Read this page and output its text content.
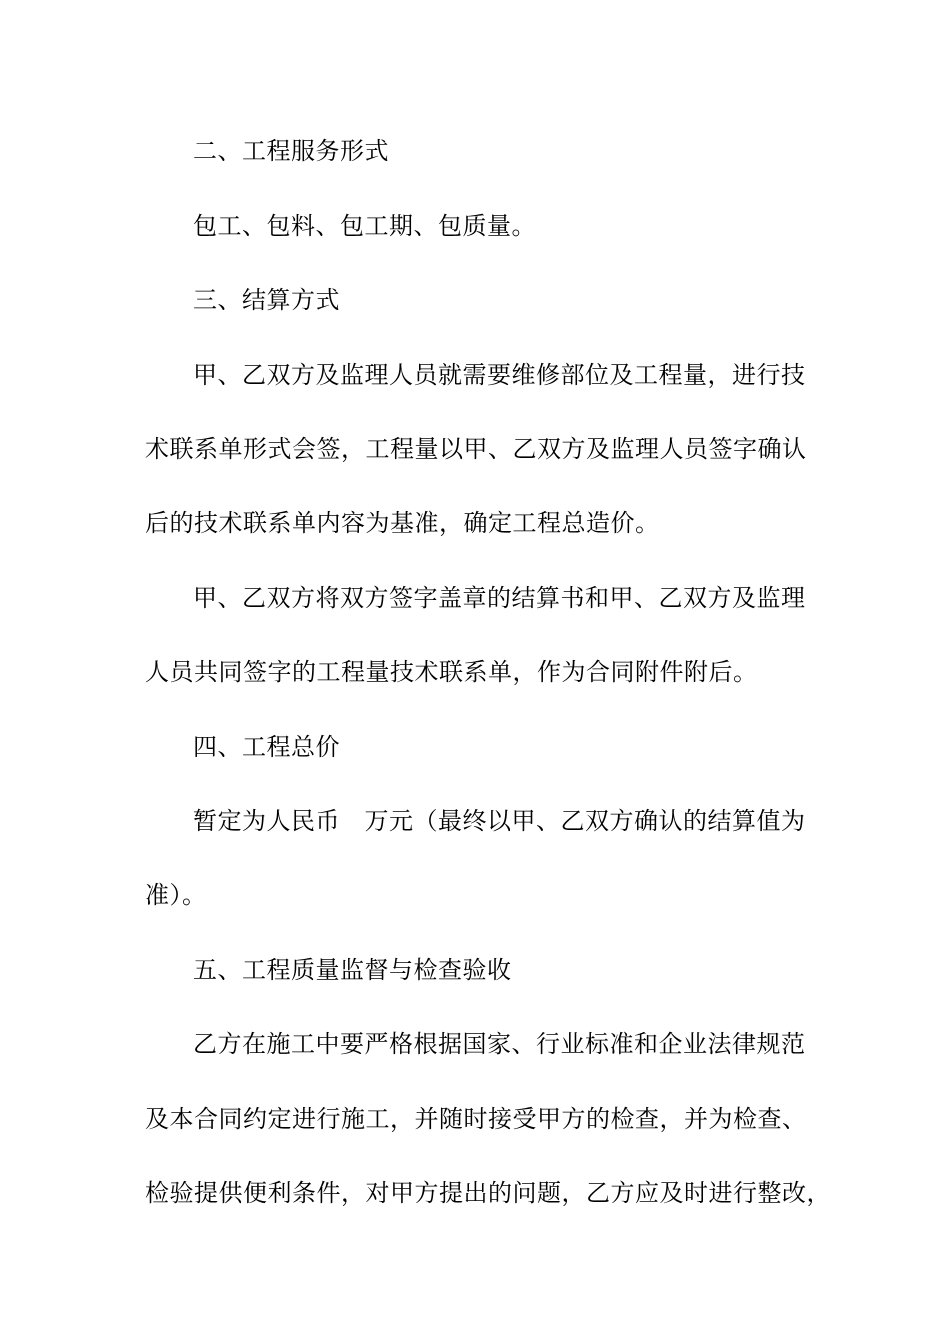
二、工程服务形式
包工、包料、包工期、包质量。
三、结算方式
甲、乙双方及监理人员就需要维修部位及工程量，进行技
术联系单形式会签，工程量以甲、乙双方及监理人员签字确认
后的技术联系单内容为基准，确定工程总造价。
甲、乙双方将双方签字盖章的结算书和甲、乙双方及监理
人员共同签字的工程量技术联系单，作为合同附件附后。
四、工程总价
暂定为人民币　万元（最终以甲、乙双方确认的结算值为
准）。
五、工程质量监督与检查验收
乙方在施工中要严格根据国家、行业标准和企业法律规范
及本合同约定进行施工，并随时接受甲方的检查，并为检查、
检验提供便利条件，对甲方提出的问题，乙方应及时进行整改，
